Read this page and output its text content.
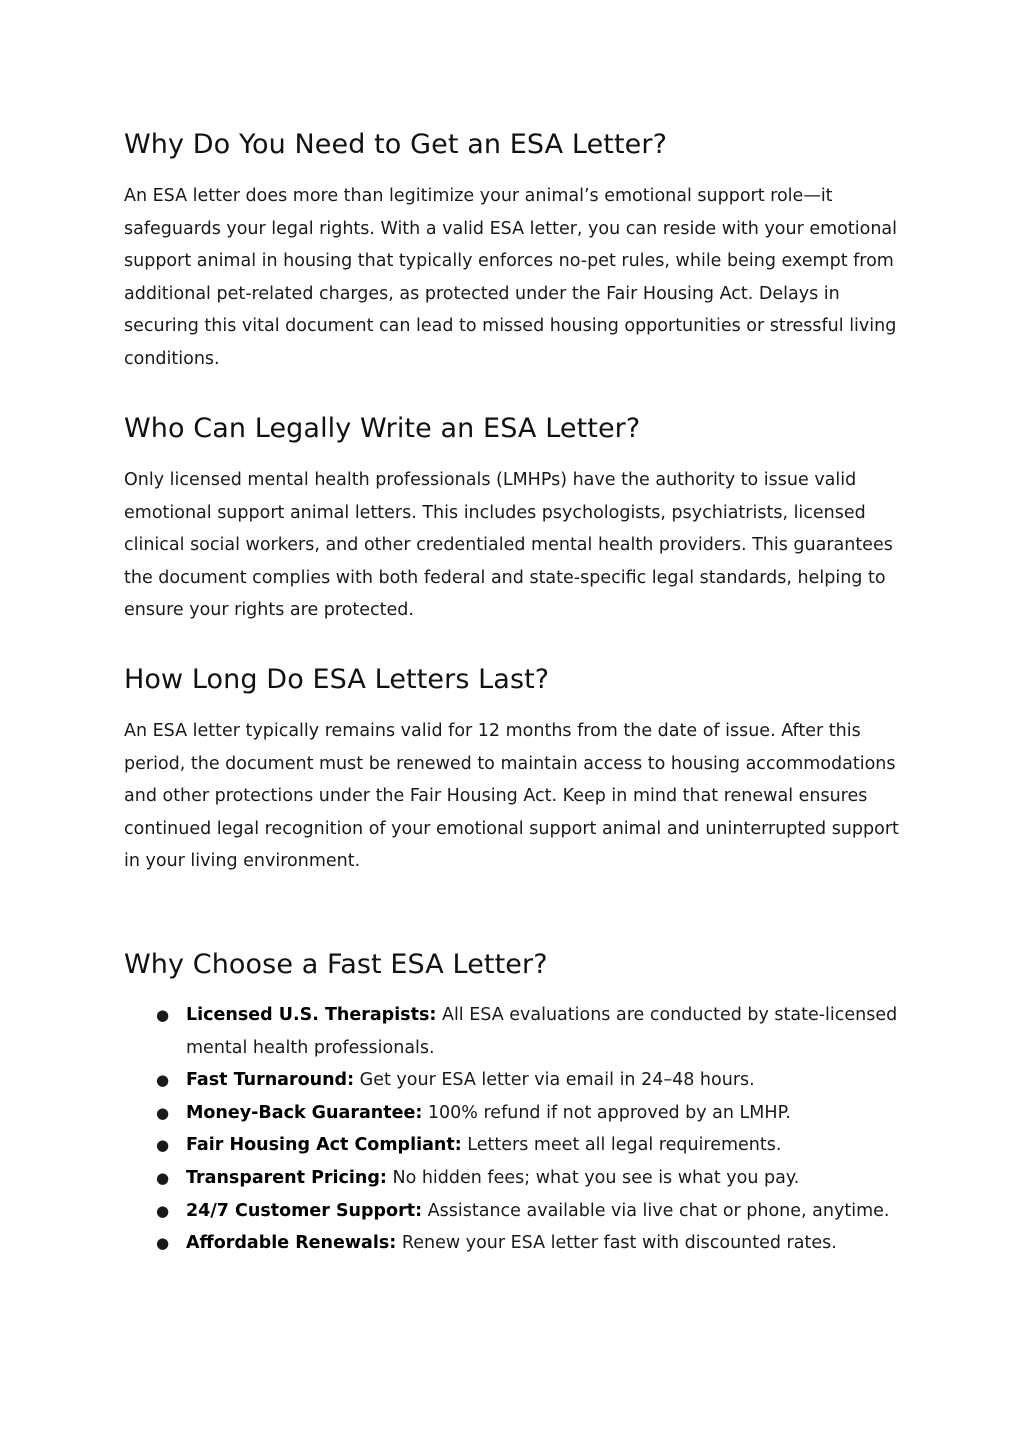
Why Do You Need to Get an ESA Letter?

An ESA letter does more than legitimize your animal’s emotional support role—it safeguards your legal rights. With a valid ESA letter, you can reside with your emotional support animal in housing that typically enforces no-pet rules, while being exempt from additional pet-related charges, as protected under the Fair Housing Act. Delays in securing this vital document can lead to missed housing opportunities or stressful living conditions.

Who Can Legally Write an ESA Letter?

Only licensed mental health professionals (LMHPs) have the authority to issue valid emotional support animal letters. This includes psychologists, psychiatrists, licensed clinical social workers, and other credentialed mental health providers. This guarantees the document complies with both federal and state-specific legal standards, helping to ensure your rights are protected.

How Long Do ESA Letters Last?

An ESA letter typically remains valid for 12 months from the date of issue. After this period, the document must be renewed to maintain access to housing accommodations and other protections under the Fair Housing Act. Keep in mind that renewal ensures continued legal recognition of your emotional support animal and uninterrupted support in your living environment.

Why Choose a Fast ESA Letter?
● Licensed U.S. Therapists: All ESA evaluations are conducted by state-licensed mental health professionals.
● Fast Turnaround: Get your ESA letter via email in 24–48 hours.
● Money-Back Guarantee: 100% refund if not approved by an LMHP.
● Fair Housing Act Compliant: Letters meet all legal requirements.
● Transparent Pricing: No hidden fees; what you see is what you pay.
● 24/7 Customer Support: Assistance available via live chat or phone, anytime.
● Affordable Renewals: Renew your ESA letter fast with discounted rates.
